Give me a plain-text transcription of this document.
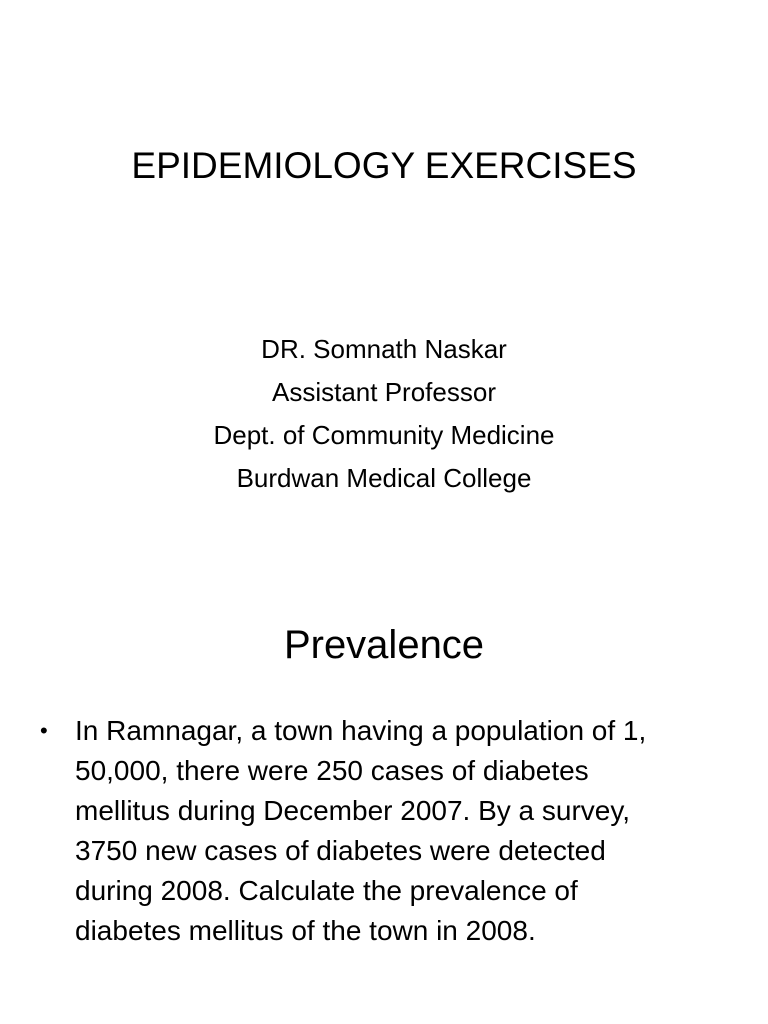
EPIDEMIOLOGY EXERCISES
DR. Somnath Naskar
Assistant Professor
Dept. of Community Medicine
Burdwan Medical College
Prevalence
• In Ramnagar, a town having a population of 1,
50,000, there were 250 cases of diabetes
mellitus during December 2007. By a survey,
3750 new cases of diabetes were detected
during 2008. Calculate the prevalence of
diabetes mellitus of the town in 2008.
